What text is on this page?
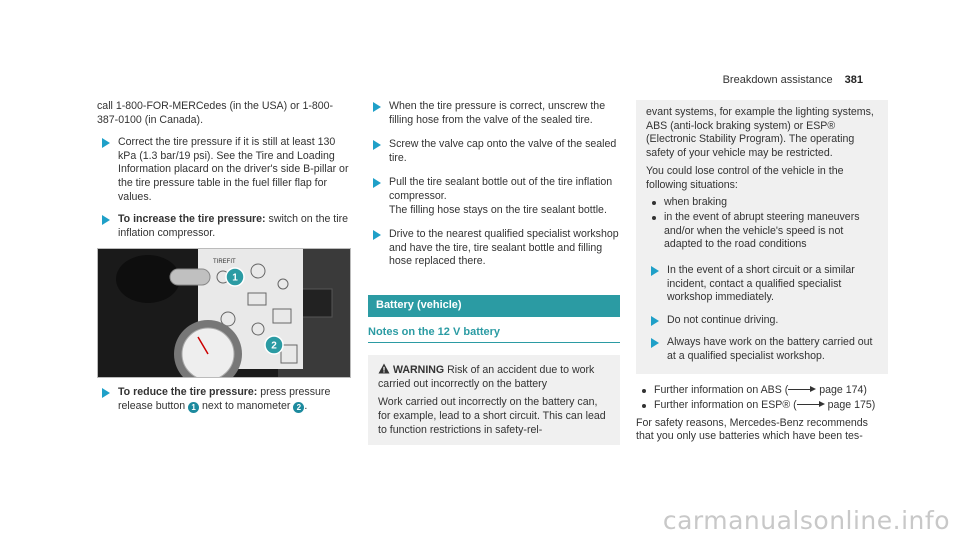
Breakdown assistance 381

call 1-800-FOR-MERCedes (in the USA) or 1-800-387-0100 (in Canada).

Correct the tire pressure if it is still at least 130 kPa (1.3 bar/19 psi). See the Tire and Loading Information placard on the driver's side B-pillar or the tire pressure table in the fuel filler flap for values.
To increase the tire pressure: switch on the tire inflation compressor.
TIREFIT
1
2
To reduce the tire pressure: press pressure release button 1 next to manometer 2 .
When the tire pressure is correct, unscrew the filling hose from the valve of the sealed tire.
Screw the valve cap onto the valve of the sealed tire.
Pull the tire sealant bottle out of the tire inflation compressor.
The filling hose stays on the tire sealant bottle.
Drive to the nearest qualified specialist workshop and have the tire, tire sealant bottle and filling hose replaced there.
Battery (vehicle)
Notes on the 12 V battery

WARNING Risk of an accident due to work carried out incorrectly on the battery

Work carried out incorrectly on the battery can, for example, lead to a short circuit. This can lead to function restrictions in safety-rel-

evant systems, for example the lighting systems, ABS (anti-lock braking system) or ESP® (Electronic Stability Program). The operating safety of your vehicle may be restricted.

You could lose control of the vehicle in the following situations:

when braking
in the event of abrupt steering maneuvers and/or when the vehicle's speed is not adapted to the road conditions
In the event of a short circuit or a similar incident, contact a qualified specialist workshop immediately.
Do not continue driving.
Always have work on the battery carried out at a qualified specialist workshop.
Further information on ABS (	page 174)
Further information on ESP® (	page 175)

For safety reasons, Mercedes-Benz recommends that you only use batteries which have been tes-

carmanualsonline.info
